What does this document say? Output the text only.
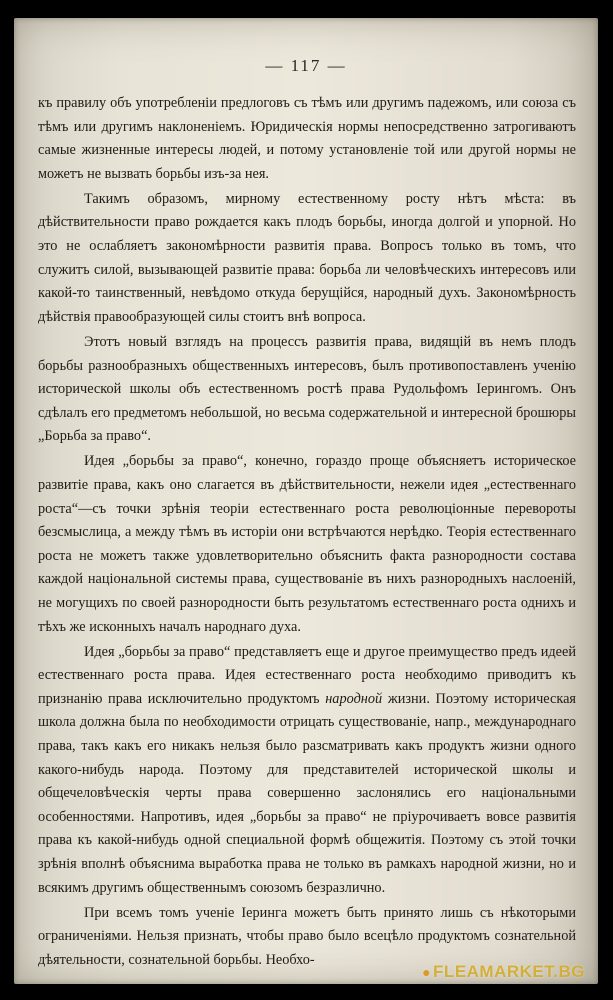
— 117 —

къ правилу объ употребленіи предлоговъ съ тѣмъ или другимъ падежомъ, или союза съ тѣмъ или другимъ наклоненіемъ. Юридическія нормы непосредственно затрогиваютъ самые жизненные интересы людей, и потому установленіе той или другой нормы не можетъ не вызвать борьбы изъ-за нея.

Такимъ образомъ, мирному естественному росту нѣтъ мѣста: въ дѣйствительности право рождается какъ плодъ борьбы, иногда долгой и упорной. Но это не ослабляетъ закономѣрности развитія права. Вопросъ только въ томъ, что служитъ силой, вызывающей развитіе права: борьба ли человѣческихъ интересовъ или какой-то таинственный, невѣдомо откуда берущійся, народный духъ. Закономѣрность дѣйствія правообразующей силы стоитъ внѣ вопроса.

Этотъ новый взглядъ на процессъ развитія права, видящій въ немъ плодъ борьбы разнообразныхъ общественныхъ интересовъ, былъ противопоставленъ ученію исторической школы объ естественномъ ростѣ права Рудольфомъ Іерингомъ. Онъ сдѣлалъ его предметомъ небольшой, но весьма содержательной и интересной брошюры „Борьба за право“.

Идея „борьбы за право“, конечно, гораздо проще объясняетъ историческое развитіе права, какъ оно слагается въ дѣйствительности, нежели идея „естественнаго роста“—съ точки зрѣнія теоріи естественнаго роста революціонные перевороты безсмыслица, а между тѣмъ въ исторіи они встрѣчаются нерѣдко. Теорія естественнаго роста не можетъ также удовлетворительно объяснить факта разнородности состава каждой національной системы права, существованіе въ нихъ разнородныхъ наслоеній, не могущихъ по своей разнородности быть результатомъ естественнаго роста однихъ и тѣхъ же исконныхъ началъ народнаго духа.

Идея „борьбы за право“ представляетъ еще и другое преимущество предъ идеей естественнаго роста права. Идея естественнаго роста необходимо приводитъ къ признанію права исключительно продуктомъ народной жизни. Поэтому историческая школа должна была по необходимости отрицать существованіе, напр., международнаго права, такъ какъ его никакъ нельзя было разсматривать какъ продуктъ жизни одного какого-нибудь народа. Поэтому для представителей исторической школы и общечеловѣческія черты права совершенно заслонялись его національными особенностями. Напротивъ, идея „борьбы за право“ не пріурочиваетъ вовсе развитія права къ какой-нибудь одной специальной формѣ общежитія. Поэтому съ этой точки зрѣнія вполнѣ объяснима выработка права не только въ рамкахъ народной жизни, но и всякимъ другимъ общественнымъ союзомъ безразлично.

При всемъ томъ ученіе Іеринга можетъ быть принято лишь съ нѣкоторыми ограниченіями. Нельзя признать, чтобы право было всецѣло продуктомъ сознательной дѣятельности, сознательной борьбы. Необхо-

● FLEAMARKET.BG
